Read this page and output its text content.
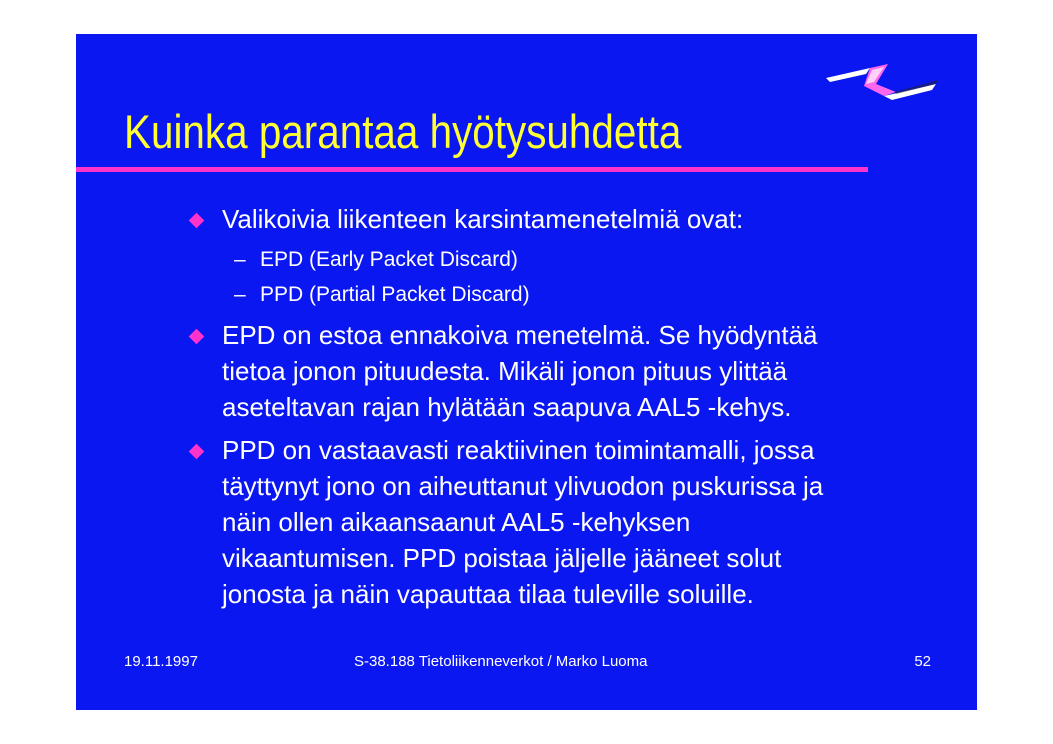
Kuinka parantaa hyötysuhdetta
Valikoivia liikenteen karsintamenetelmiä ovat:
– EPD (Early Packet Discard)
– PPD (Partial Packet Discard)
EPD on estoa ennakoiva menetelmä. Se hyödyntää
tietoa jonon pituudesta. Mikäli jonon pituus ylittää
aseteltavan rajan hylätään saapuva AAL5 -kehys.
PPD on vastaavasti reaktiivinen toimintamalli, jossa
täyttynyt jono on aiheuttanut ylivuodon puskurissa ja
näin ollen aikaansaanut AAL5 -kehyksen
vikaantumisen. PPD poistaa jäljelle jääneet solut
jonosta ja näin vapauttaa tilaa tuleville soluille.
19.11.1997	S-38.188 Tietoliikenneverkot / Marko Luoma	52
